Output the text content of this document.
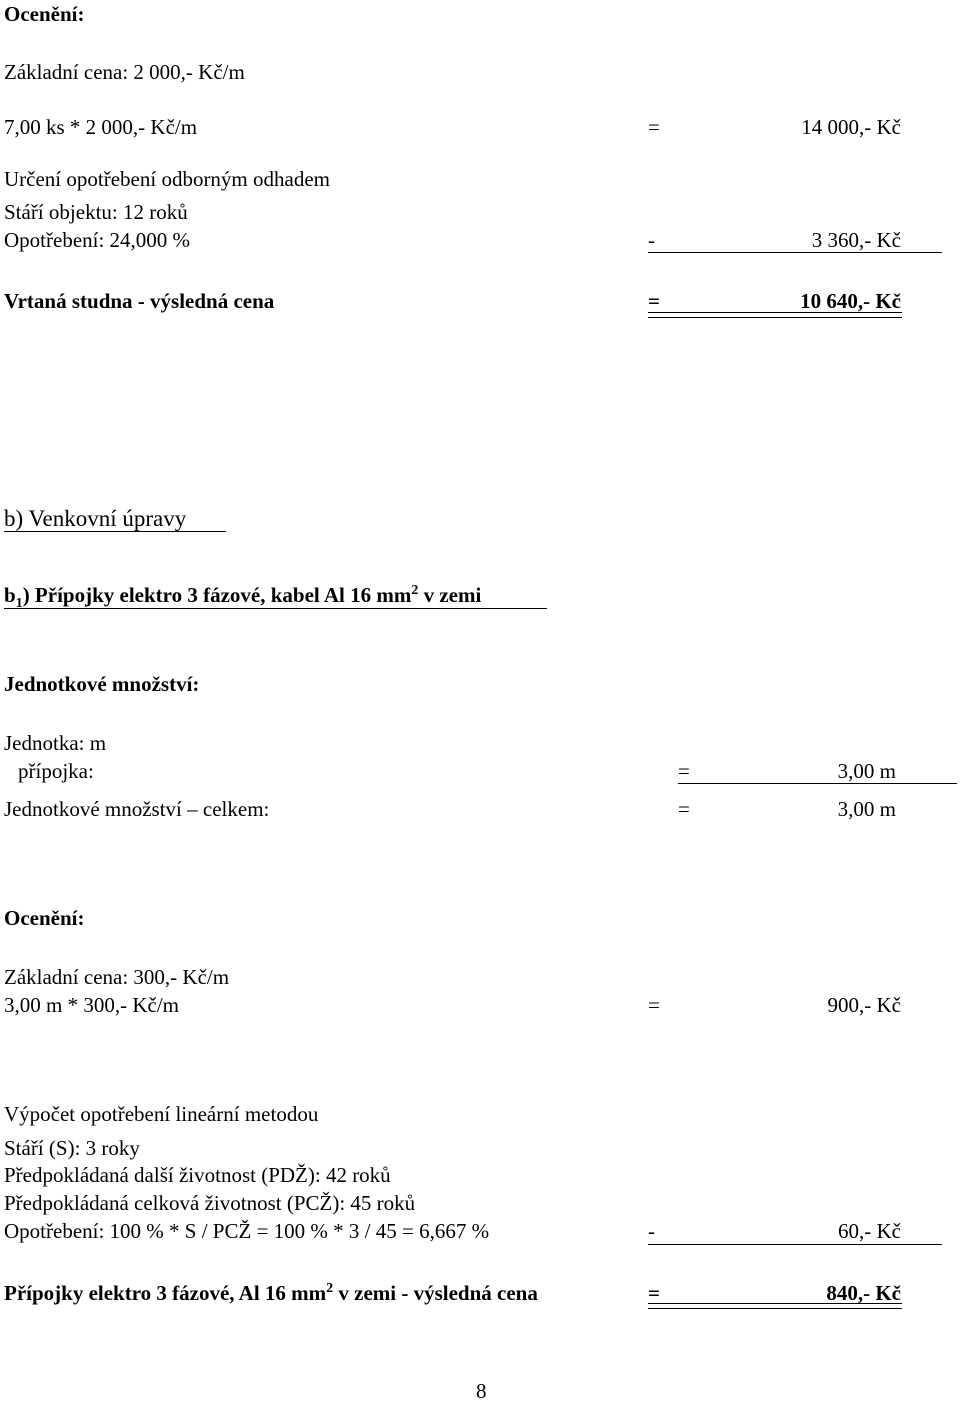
Ocenění:
Základní cena: 2 000,- Kč/m
7,00 ks * 2 000,- Kč/m	=	14 000,- Kč
Určení opotřebení odborným odhadem
Stáří objektu: 12 roků
Opotřebení: 24,000 %	-	3 360,- Kč
Vrtaná studna - výsledná cena	=	10 640,- Kč
b) Venkovní úpravy
$b_1$) Přípojky elektro 3 fázové, kabel Al 16 $mm^2$ v zemi
Jednotkové množství:
Jednotka: m
přípojka:	=	3,00 m
Jednotkové množství – celkem:	=	3,00 m
Ocenění:
Základní cena: 300,- Kč/m
3,00 m * 300,- Kč/m	=	900,- Kč
Výpočet opotřebení lineární metodou
Stáří (S): 3 roky
Předpokládaná další životnost (PDŽ): 42 roků
Předpokládaná celková životnost (PCŽ): 45 roků
Opotřebení: 100 % * S / PCŽ = 100 % * 3 / 45 = 6,667 %	-	60,- Kč
Přípojky elektro 3 fázové, Al 16 $mm^2$ v zemi - výsledná cena	=	840,- Kč
8
